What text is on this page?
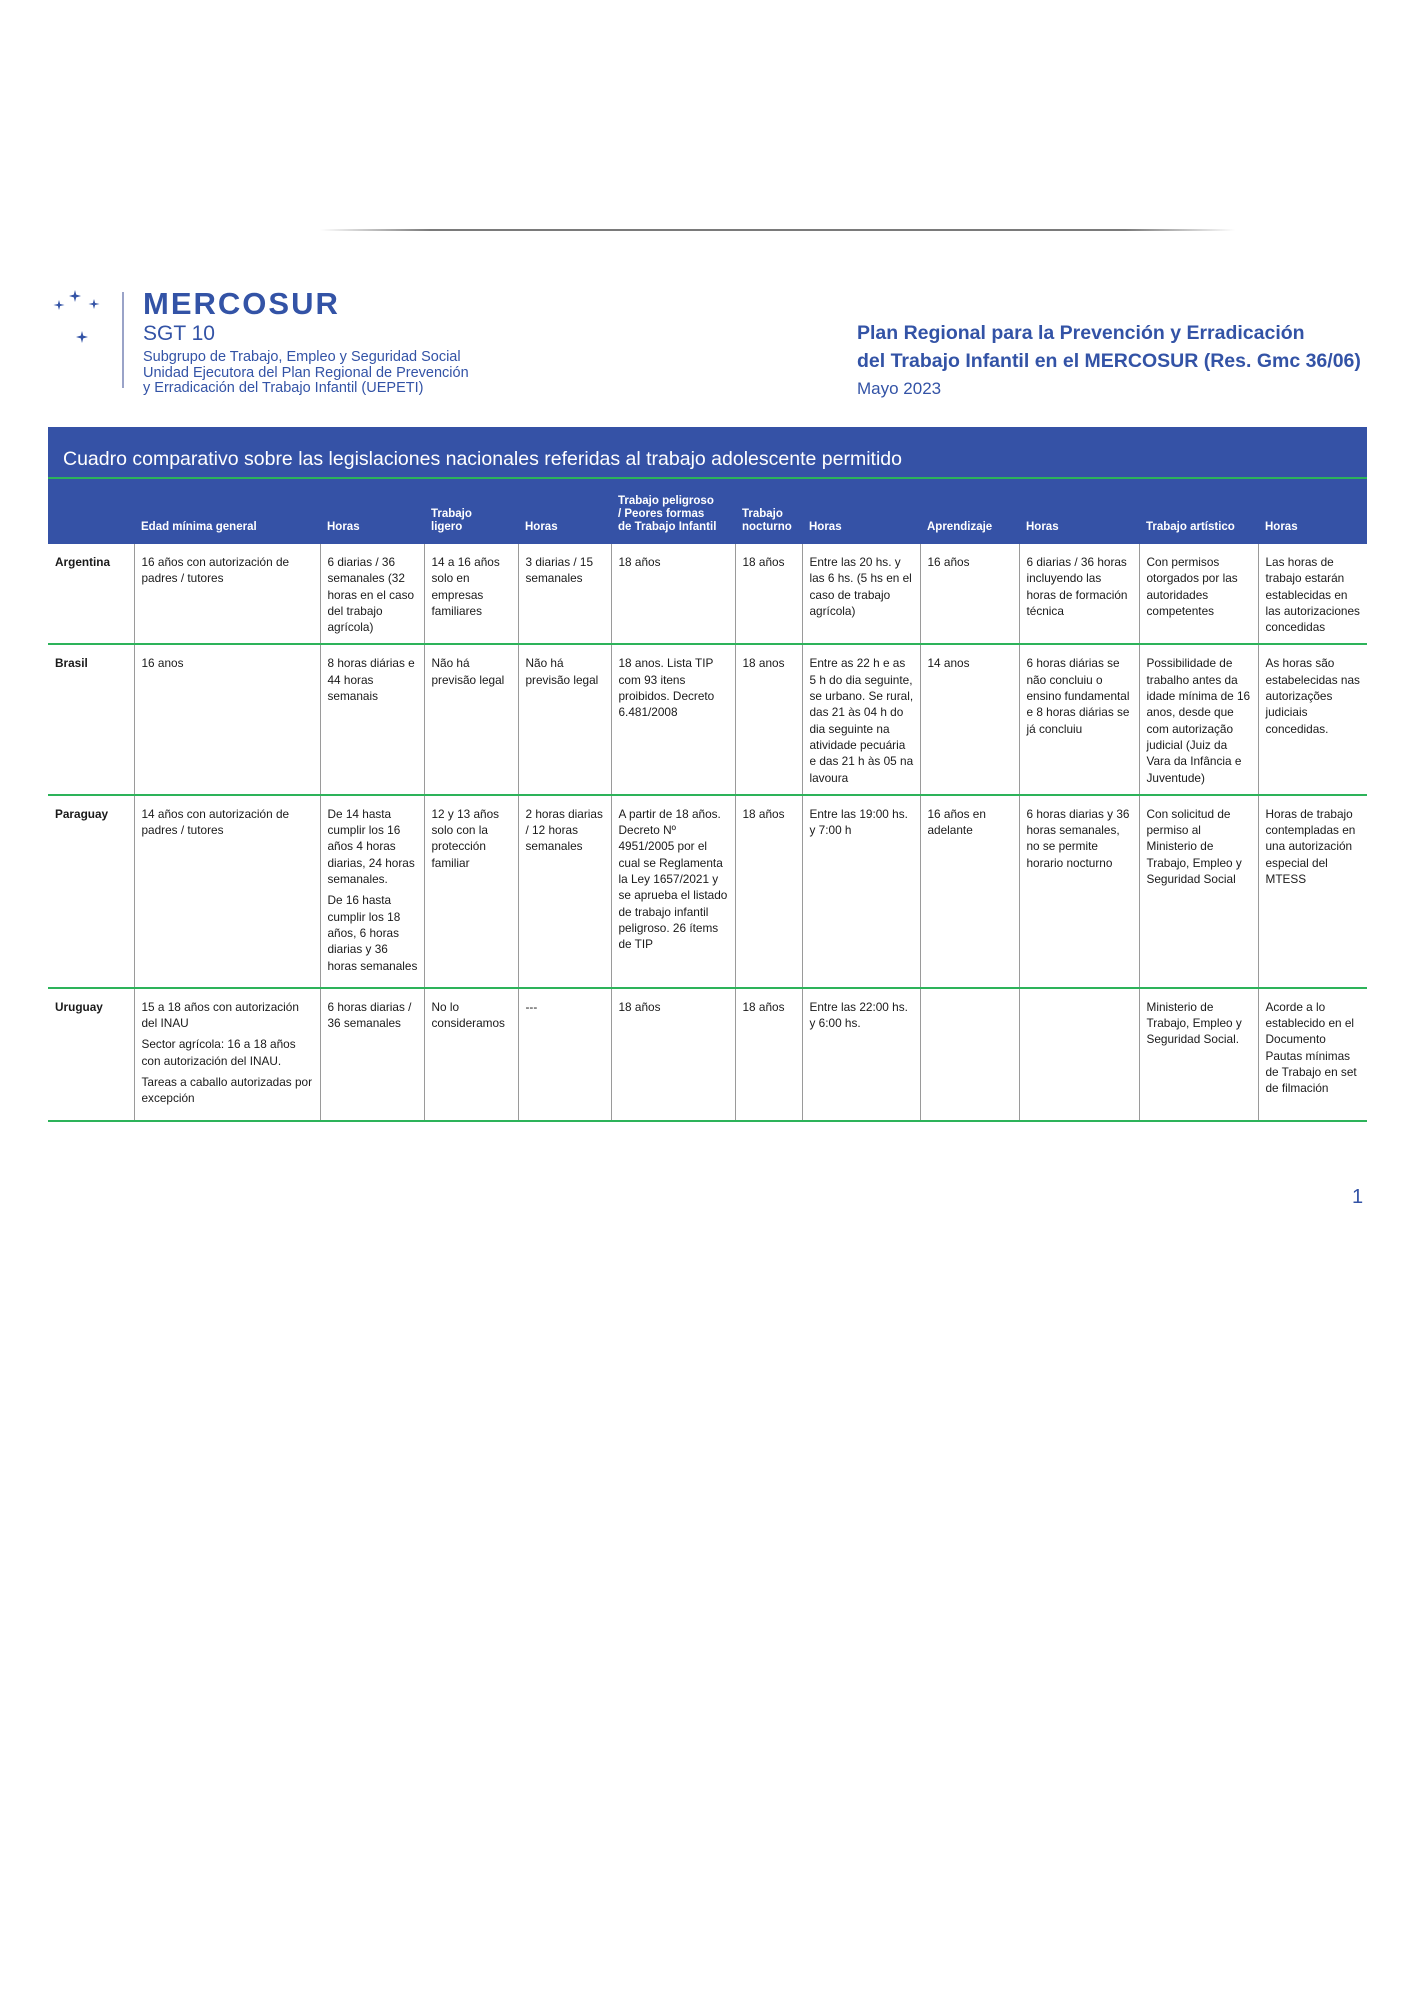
MERCOSUR
SGT 10
Subgrupo de Trabajo, Empleo y Seguridad Social
Unidad Ejecutora del Plan Regional de Prevención
y Erradicación del Trabajo Infantil (UEPETI)
Plan Regional para la Prevención y Erradicación
del Trabajo Infantil en el MERCOSUR (Res. Gmc 36/06)
Mayo 2023
Cuadro comparativo sobre las legislaciones nacionales referidas al trabajo adolescente permitido
	Edad mínima general	Horas	Trabajo
ligero	Horas	Trabajo peligroso
/ Peores formas
de Trabajo Infantil	Trabajo
nocturno	Horas	Aprendizaje	Horas	Trabajo artístico	Horas
Argentina	16 años con autorización de padres / tutores	6 diarias / 36 semanales (32 horas en el caso del trabajo agrícola)	14 a 16 años solo en empresas familiares	3 diarias / 15 semanales	18 años	18 años	Entre las 20 hs. y las 6 hs. (5 hs en el caso de trabajo agrícola)	16 años	6 diarias / 36 horas incluyendo las horas de formación técnica	Con permisos otorgados por las autoridades competentes	Las horas de trabajo estarán establecidas en las autorizaciones concedidas
Brasil	16 anos	8 horas diárias e 44 horas semanais	Não há previsão legal	Não há previsão legal	18 anos. Lista TIP com 93 itens proibidos. Decreto 6.481/2008	18 anos	Entre as 22 h e as 5 h do dia seguinte, se urbano. Se rural, das 21 às 04 h do dia seguinte na atividade pecuária e das 21 h às 05 na lavoura	14 anos	6 horas diárias se não concluiu o ensino fundamental e 8 horas diárias se já concluiu	Possibilidade de trabalho antes da idade mínima de 16 anos, desde que com autorização judicial (Juiz da Vara da Infância e Juventude)	As horas são estabelecidas nas autorizações judiciais concedidas.
Paraguay	14 años con autorización de padres / tutores	De 14 hasta cumplir los 16 años 4 horas diarias, 24 horas semanales.

De 16 hasta cumplir los 18 años, 6 horas diarias y 36 horas semanales	12 y 13 años solo con la protección familiar	2 horas diarias / 12 horas semanales	A partir de 18 años. Decreto Nº 4951/2005 por el cual se Reglamenta la Ley 1657/2021 y se aprueba el listado de trabajo infantil peligroso. 26 ítems de TIP	18 años	Entre las 19:00 hs. y 7:00 h	16 años en adelante	6 horas diarias y 36 horas semanales, no se permite horario nocturno	Con solicitud de permiso al Ministerio de Trabajo, Empleo y Seguridad Social	Horas de trabajo contempladas en una autorización especial del MTESS
Uruguay	15 a 18 años con autorización del INAU

Sector agrícola: 16 a 18 años con autorización del INAU.

Tareas a caballo autorizadas por excepción	6 horas diarias / 36 semanales	No lo consideramos	---	18 años	18 años	Entre las 22:00 hs. y 6:00 hs.			Ministerio de Trabajo, Empleo y Seguridad Social.	Acorde a lo establecido en el Documento Pautas mínimas de Trabajo en set de filmación
1
